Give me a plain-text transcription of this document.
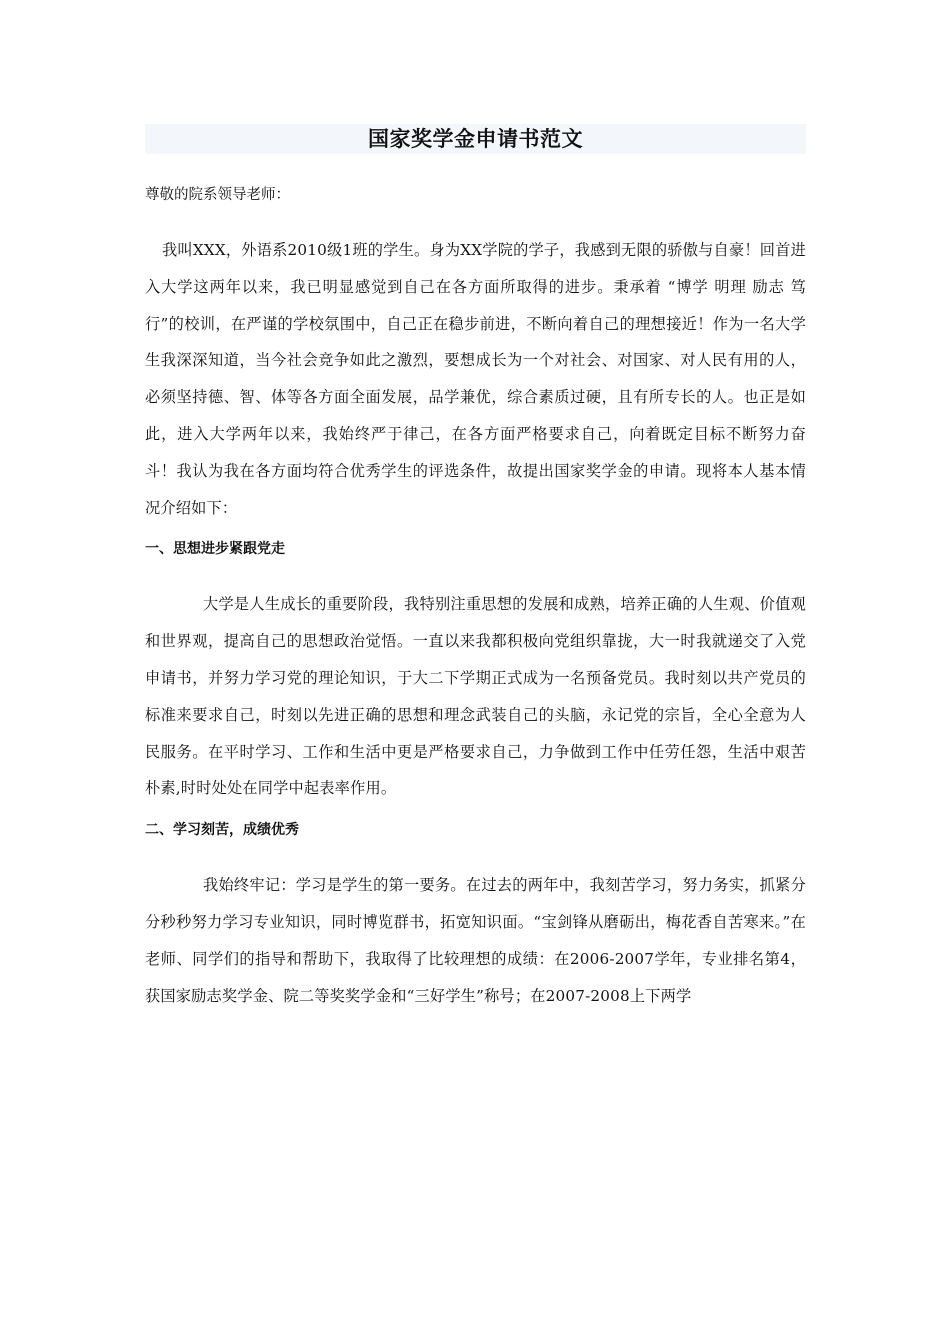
国家奖学金申请书范文

尊敬的院系领导老师：

我叫XXX，外语系2010级1班的学生。身为XX学院的学子，我感到无限的骄傲与自豪！回首进入大学这两年以来，我已明显感觉到自己在各方面所取得的进步。秉承着 “博学 明理 励志 笃行”的校训，在严谨的学校氛围中，自己正在稳步前进，不断向着自己的理想接近！作为一名大学生我深深知道，当今社会竞争如此之激烈，要想成长为一个对社会、对国家、对人民有用的人，必须坚持德、智、体等各方面全面发展，品学兼优，综合素质过硬，且有所专长的人。也正是如此，进入大学两年以来，我始终严于律己，在各方面严格要求自己，向着既定目标不断努力奋斗！我认为我在各方面均符合优秀学生的评选条件，故提出国家奖学金的申请。现将本人基本情况介绍如下：

一、思想进步紧跟党走

大学是人生成长的重要阶段，我特别注重思想的发展和成熟，培养正确的人生观、价值观和世界观，提高自己的思想政治觉悟。一直以来我都积极向党组织靠拢，大一时我就递交了入党申请书，并努力学习党的理论知识，于大二下学期正式成为一名预备党员。我时刻以共产党员的标准来要求自己，时刻以先进正确的思想和理念武装自己的头脑，永记党的宗旨，全心全意为人民服务。在平时学习、工作和生活中更是严格要求自己，力争做到工作中任劳任怨，生活中艰苦朴素,时时处处在同学中起表率作用。

二、学习刻苦，成绩优秀

我始终牢记：学习是学生的第一要务。在过去的两年中，我刻苦学习，努力务实，抓紧分分秒秒努力学习专业知识，同时博览群书，拓宽知识面。“宝剑锋从磨砺出，梅花香自苦寒来。”在老师、同学们的指导和帮助下，我取得了比较理想的成绩：在2006-2007学年，专业排名第4，获国家励志奖学金、院二等奖奖学金和“三好学生”称号；在2007-2008上下两学
